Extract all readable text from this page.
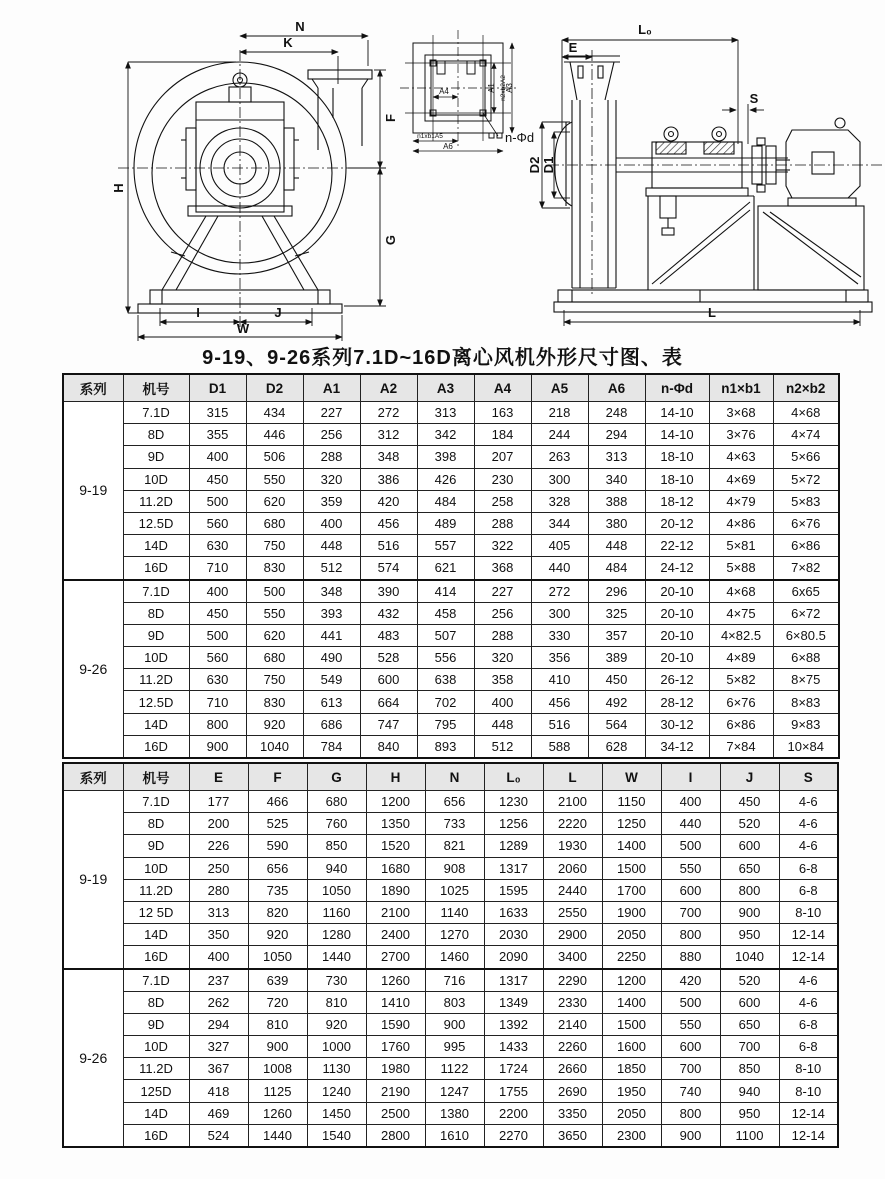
N
K
H
F
G
I	J
W
A4	A1 n2xb2A2
A3
n1xb1A5
A6
n-Φd
L₀
E
S
D2 D1
L
9-19、9-26系列7.1D~16D离心风机外形尺寸图、表
系列	机号	D1	D2	A1	A2	A3	A4	A5	A6	n-Φd	n1×b1	n2×b2
9-19	7.1D	315	434	227	272	313	163	218	248	14-10	3×68	4×68
	8D	355	446	256	312	342	184	244	294	14-10	3×76	4×74
	9D	400	506	288	348	398	207	263	313	18-10	4×63	5×66
	10D	450	550	320	386	426	230	300	340	18-10	4×69	5×72
	11.2D	500	620	359	420	484	258	328	388	18-12	4×79	5×83
	12.5D	560	680	400	456	489	288	344	380	20-12	4×86	6×76
	14D	630	750	448	516	557	322	405	448	22-12	5×81	6×86
	16D	710	830	512	574	621	368	440	484	24-12	5×88	7×82
9-26	7.1D	400	500	348	390	414	227	272	296	20-10	4×68	6x65
	8D	450	550	393	432	458	256	300	325	20-10	4×75	6×72
	9D	500	620	441	483	507	288	330	357	20-10	4×82.5	6×80.5
	10D	560	680	490	528	556	320	356	389	20-10	4×89	6×88
	11.2D	630	750	549	600	638	358	410	450	26-12	5×82	8×75
	12.5D	710	830	613	664	702	400	456	492	28-12	6×76	8×83
	14D	800	920	686	747	795	448	516	564	30-12	6×86	9×83
	16D	900	1040	784	840	893	512	588	628	34-12	7×84	10×84
系列	机号	E	F	G	H	N	L₀	L	W	I	J	S
9-19	7.1D	177	466	680	1200	656	1230	2100	1150	400	450	4-6
	8D	200	525	760	1350	733	1256	2220	1250	440	520	4-6
	9D	226	590	850	1520	821	1289	1930	1400	500	600	4-6
	10D	250	656	940	1680	908	1317	2060	1500	550	650	6-8
	11.2D	280	735	1050	1890	1025	1595	2440	1700	600	800	6-8
	12 5D	313	820	1160	2100	1140	1633	2550	1900	700	900	8-10
	14D	350	920	1280	2400	1270	2030	2900	2050	800	950	12-14
	16D	400	1050	1440	2700	1460	2090	3400	2250	880	1040	12-14
9-26	7.1D	237	639	730	1260	716	1317	2290	1200	420	520	4-6
	8D	262	720	810	1410	803	1349	2330	1400	500	600	4-6
	9D	294	810	920	1590	900	1392	2140	1500	550	650	6-8
	10D	327	900	1000	1760	995	1433	2260	1600	600	700	6-8
	11.2D	367	1008	1130	1980	1122	1724	2660	1850	700	850	8-10
	125D	418	1125	1240	2190	1247	1755	2690	1950	740	940	8-10
	14D	469	1260	1450	2500	1380	2200	3350	2050	800	950	12-14
	16D	524	1440	1540	2800	1610	2270	3650	2300	900	1100	12-14
